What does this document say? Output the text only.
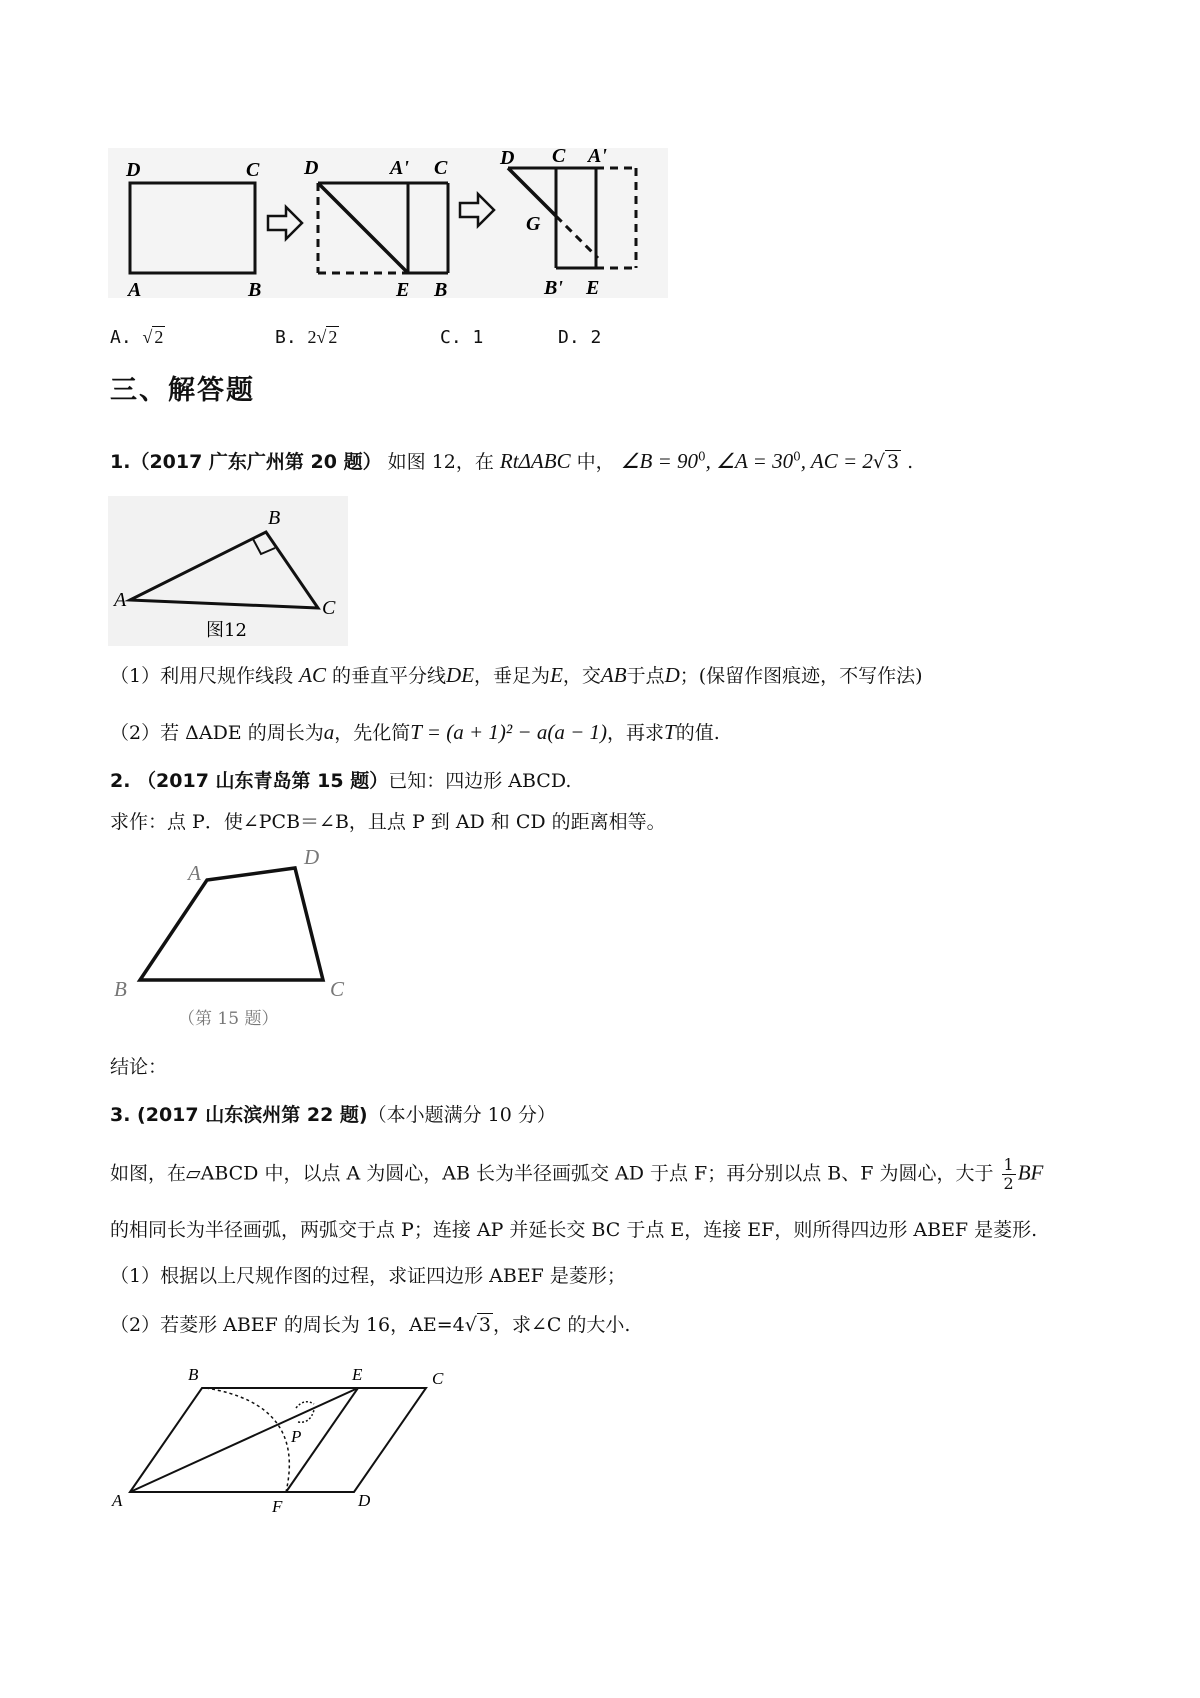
D	C
A	B
D	A' C
E B
D C A'
G
B' E
A. √ 2	B. 2√ 2	C. 1	D. 2
三、解答题
1.（2017 广东广州第 20 题） 如图 12，在 RtΔABC 中， ∠B = $90^0$, ∠A = $30^0$, AC = 2√ 3 .
A
B
C
图12
（1）利用尺规作线段 AC 的垂直平分线DE，垂足为E，交AB于点D；(保留作图痕迹，不写作法)
（2）若 ΔADE 的周长为a，先化简T = (a + 1)² − a(a − 1)，再求T的值.
2. （2017 山东青岛第 15 题）已知：四边形 ABCD.
求作：点 P．使∠PCB＝∠B，且点 P 到 AD 和 CD 的距离相等。
A
B	C
D
（第 15 题）
结论：
3. (2017 山东滨州第 22 题)（本小题满分 10 分）
如图，在▱ABCD 中，以点 A 为圆心，AB 长为半径画弧交 AD 于点 F；再分别以点 B、F 为圆心，大于 $\frac{1}{2}$ BF
的相同长为半径画弧，两弧交于点 P；连接 AP 并延长交 BC 于点 E，连接 EF，则所得四边形 ABEF 是菱形.
（1）根据以上尺规作图的过程，求证四边形 ABEF 是菱形；
（2）若菱形 ABEF 的周长为 16，AE=4√ 3 ，求∠C 的大小.
A
B	E	C
P
F	D
